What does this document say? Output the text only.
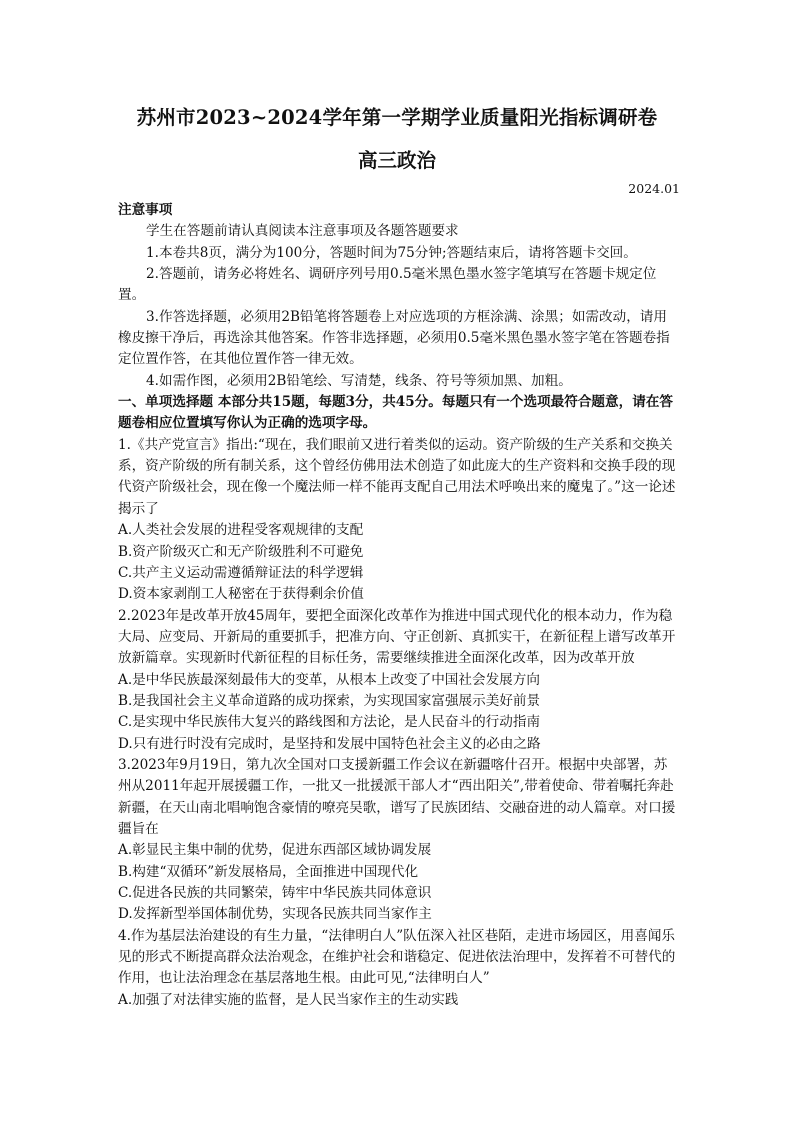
苏州市2023~2024学年第一学期学业质量阳光指标调研卷
高三政治
2024.01

注意事项

学生在答题前请认真阅读本注意事项及各题答题要求

1.本卷共8页，满分为100分，答题时间为75分钟;答题结束后，请将答题卡交回。

2.答题前，请务必将姓名、调研序列号用0.5毫米黑色墨水签字笔填写在答题卡规定位置。

3.作答选择题，必须用2B铅笔将答题卷上对应选项的方框涂满、涂黑；如需改动，请用橡皮擦干净后，再选涂其他答案。作答非选择题，必须用0.5毫米黑色墨水签字笔在答题卷指定位置作答，在其他位置作答一律无效。

4.如需作图，必须用2B铅笔绘、写清楚，线条、符号等须加黑、加粗。

一、单项选择题 本部分共15题，每题3分，共45分。每题只有一个选项最符合题意，请在答题卷相应位置填写你认为正确的选项字母。

1.《共产党宣言》指出:“现在，我们眼前又进行着类似的运动。资产阶级的生产关系和交换关系，资产阶级的所有制关系，这个曾经仿佛用法术创造了如此庞大的生产资料和交换手段的现代资产阶级社会，现在像一个魔法师一样不能再支配自己用法术呼唤出来的魔鬼了。”这一论述揭示了

A.人类社会发展的进程受客观规律的支配

B.资产阶级灭亡和无产阶级胜利不可避免

C.共产主义运动需遵循辩证法的科学逻辑

D.资本家剥削工人秘密在于获得剩余价值

2.2023年是改革开放45周年，要把全面深化改革作为推进中国式现代化的根本动力，作为稳大局、应变局、开新局的重要抓手，把准方向、守正创新、真抓实干，在新征程上谱写改革开放新篇章。实现新时代新征程的目标任务，需要继续推进全面深化改革，因为改革开放

A.是中华民族最深刻最伟大的变革，从根本上改变了中国社会发展方向

B.是我国社会主义革命道路的成功探索，为实现国家富强展示美好前景

C.是实现中华民族伟大复兴的路线图和方法论，是人民奋斗的行动指南

D.只有进行时没有完成时，是坚持和发展中国特色社会主义的必由之路

3.2023年9月19日，第九次全国对口支援新疆工作会议在新疆喀什召开。根据中央部署，苏州从2011年起开展援疆工作，一批又一批援派干部人才“西出阳关”,带着使命、带着嘱托奔赴新疆，在天山南北唱响饱含豪情的嘹亮吴歌，谱写了民族团结、交融奋进的动人篇章。对口援疆旨在

A.彰显民主集中制的优势，促进东西部区域协调发展

B.构建“双循环”新发展格局，全面推进中国现代化

C.促进各民族的共同繁荣，铸牢中华民族共同体意识

D.发挥新型举国体制优势，实现各民族共同当家作主

4.作为基层法治建设的有生力量，“法律明白人”队伍深入社区巷陌，走进市场园区，用喜闻乐见的形式不断提高群众法治观念，在维护社会和谐稳定、促进依法治理中，发挥着不可替代的作用，也让法治理念在基层落地生根。由此可见,“法律明白人”

A.加强了对法律实施的监督，是人民当家作主的生动实践
